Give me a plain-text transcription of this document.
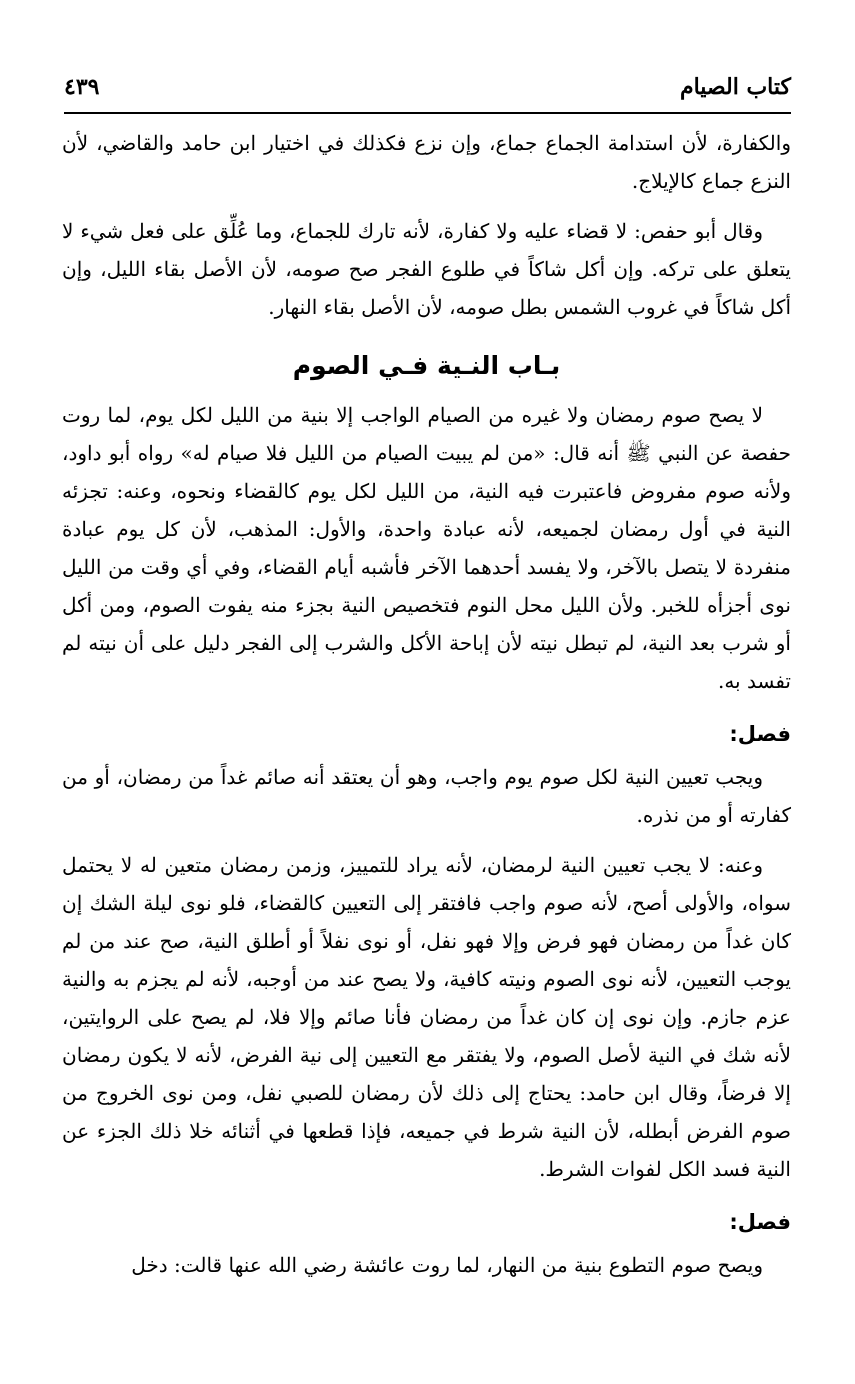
كتاب الصيام
٤٣٩

والكفارة، لأن استدامة الجماع جماع، وإن نزع فكذلك في اختيار ابن حامد والقاضي، لأن النزع جماع كالإيلاج.

وقال أبو حفص: لا قضاء عليه ولا كفارة، لأنه تارك للجماع، وما عُلِّق على فعل شيء لا يتعلق على تركه. وإن أكل شاكاً في طلوع الفجر صح صومه، لأن الأصل بقاء الليل، وإن أكل شاكاً في غروب الشمس بطل صومه، لأن الأصل بقاء النهار.

بـاب النـية فـي الصوم

لا يصح صوم رمضان ولا غيره من الصيام الواجب إلا بنية من الليل لكل يوم، لما روت حفصة عن النبي ﷺ أنه قال: «من لم يبيت الصيام من الليل فلا صيام له» رواه أبو داود، ولأنه صوم مفروض فاعتبرت فيه النية، من الليل لكل يوم كالقضاء ونحوه، وعنه: تجزئه النية في أول رمضان لجميعه، لأنه عبادة واحدة، والأول: المذهب، لأن كل يوم عبادة منفردة لا يتصل بالآخر، ولا يفسد أحدهما الآخر فأشبه أيام القضاء، وفي أي وقت من الليل نوى أجزأه للخبر. ولأن الليل محل النوم فتخصيص النية بجزء منه يفوت الصوم، ومن أكل أو شرب بعد النية، لم تبطل نيته لأن إباحة الأكل والشرب إلى الفجر دليل على أن نيته لم تفسد به.

فصل:

ويجب تعيين النية لكل صوم يوم واجب، وهو أن يعتقد أنه صائم غداً من رمضان، أو من كفارته أو من نذره.

وعنه: لا يجب تعيين النية لرمضان، لأنه يراد للتمييز، وزمن رمضان متعين له لا يحتمل سواه، والأولى أصح، لأنه صوم واجب فافتقر إلى التعيين كالقضاء، فلو نوى ليلة الشك إن كان غداً من رمضان فهو فرض وإلا فهو نفل، أو نوى نفلاً أو أطلق النية، صح عند من لم يوجب التعيين، لأنه نوى الصوم ونيته كافية، ولا يصح عند من أوجبه، لأنه لم يجزم به والنية عزم جازم. وإن نوى إن كان غداً من رمضان فأنا صائم وإلا فلا، لم يصح على الروايتين، لأنه شك في النية لأصل الصوم، ولا يفتقر مع التعيين إلى نية الفرض، لأنه لا يكون رمضان إلا فرضاً، وقال ابن حامد: يحتاج إلى ذلك لأن رمضان للصبي نفل، ومن نوى الخروج من صوم الفرض أبطله، لأن النية شرط في جميعه، فإذا قطعها في أثنائه خلا ذلك الجزء عن النية فسد الكل لفوات الشرط.

فصل:

ويصح صوم التطوع بنية من النهار، لما روت عائشة رضي الله عنها قالت: دخل
